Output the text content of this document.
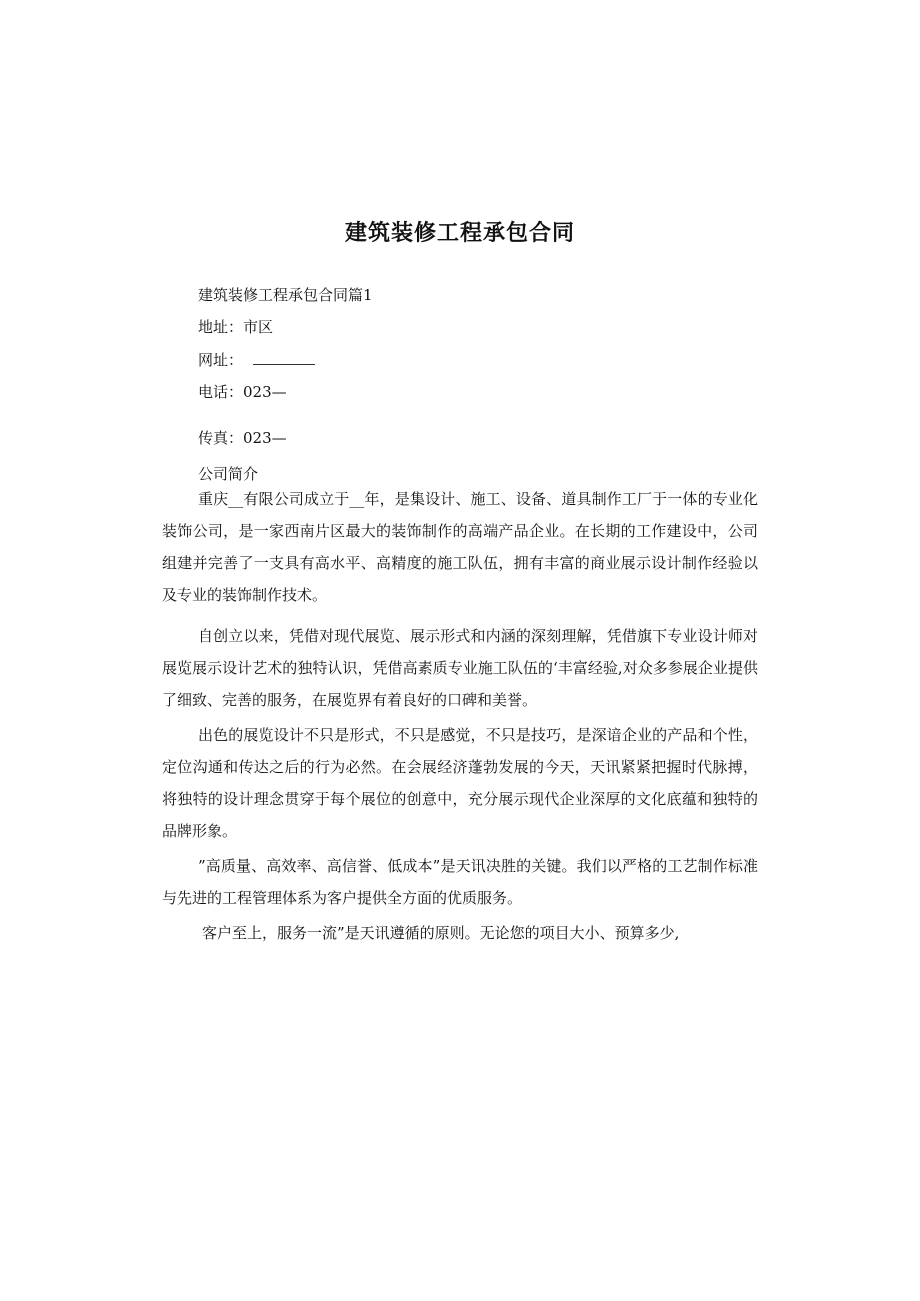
建筑装修工程承包合同
建筑装修工程承包合同篇1
地址：市区
网址：
电话：023—
传真：023—
公司简介

重庆__有限公司成立于__年，是集设计、施工、设备、道具制作工厂于一体的专业化装饰公司，是一家西南片区最大的装饰制作的高端产品企业。在长期的工作建设中，公司组建并完善了一支具有高水平、高精度的施工队伍，拥有丰富的商业展示设计制作经验以及专业的装饰制作技术。

自创立以来，凭借对现代展览、展示形式和内涵的深刻理解，凭借旗下专业设计师对展览展示设计艺术的独特认识，凭借高素质专业施工队伍的‘丰富经验,对众多参展企业提供了细致、完善的服务，在展览界有着良好的口碑和美誉。

出色的展览设计不只是形式，不只是感觉，不只是技巧，是深谙企业的产品和个性，定位沟通和传达之后的行为必然。在会展经济蓬勃发展的今天，天讯紧紧把握时代脉搏，将独特的设计理念贯穿于每个展位的创意中，充分展示现代企业深厚的文化底蕴和独特的品牌形象。

”高质量、高效率、高信誉、低成本”是天讯决胜的关键。我们以严格的工艺制作标准与先进的工程管理体系为客户提供全方面的优质服务。

客户至上，服务一流”是天讯遵循的原则。无论您的项目大小、预算多少,
